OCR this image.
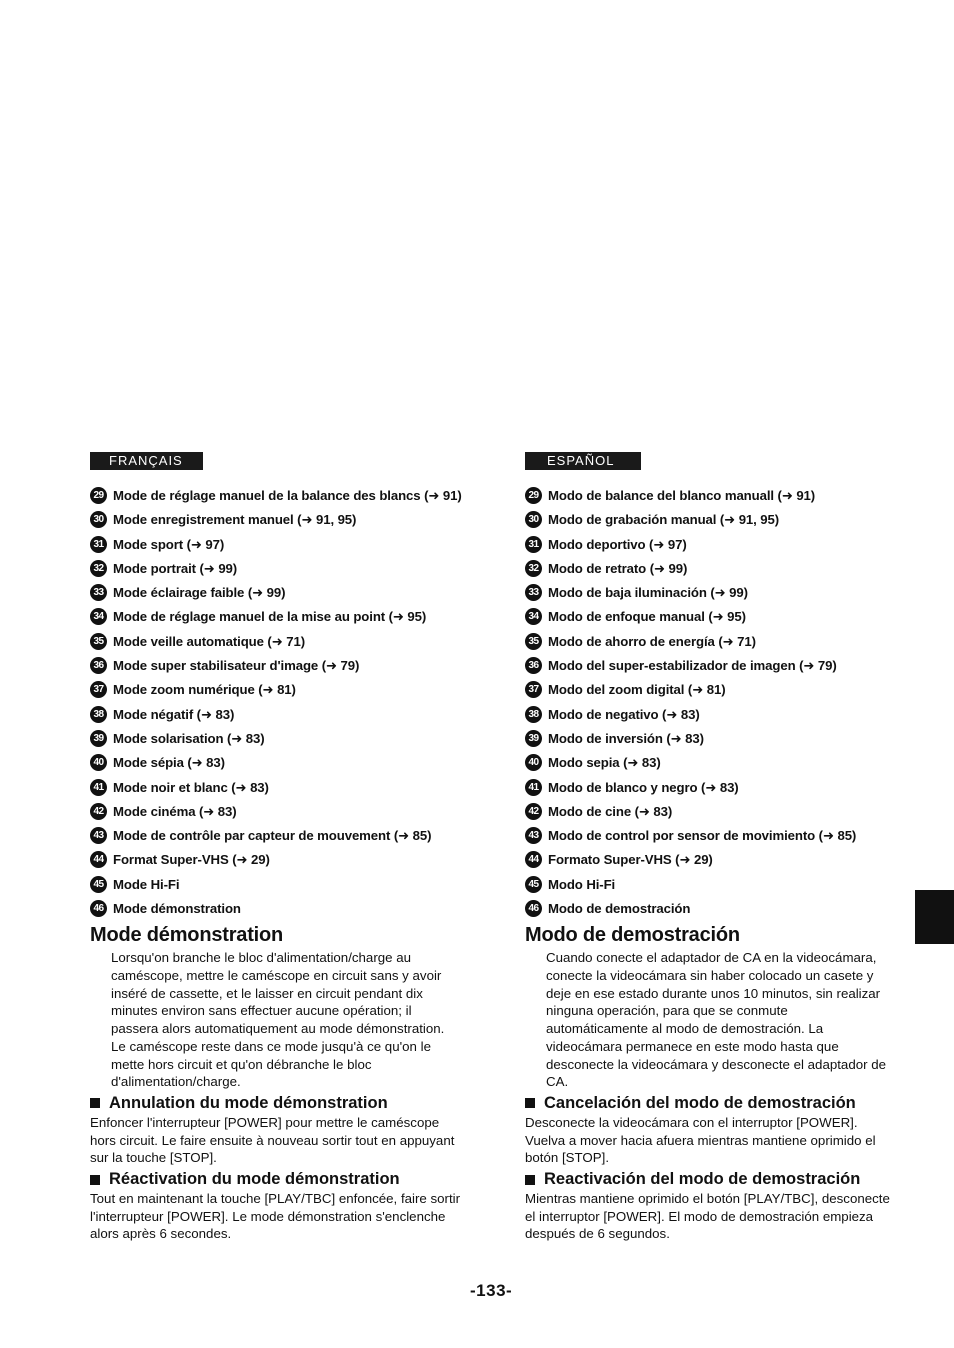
FRANÇAIS
29 Mode de réglage manuel de la balance des blancs (➜ 91)
30 Mode enregistrement manuel (➜ 91, 95)
31 Mode sport (➜ 97)
32 Mode portrait (➜ 99)
33 Mode éclairage faible (➜ 99)
34 Mode de réglage manuel de la mise au point (➜ 95)
35 Mode veille automatique (➜ 71)
36 Mode super stabilisateur d'image (➜ 79)
37 Mode zoom numérique (➜ 81)
38 Mode négatif (➜ 83)
39 Mode solarisation (➜ 83)
40 Mode sépia (➜ 83)
41 Mode noir et blanc (➜ 83)
42 Mode cinéma (➜ 83)
43 Mode de contrôle par capteur de mouvement (➜ 85)
44 Format Super-VHS (➜ 29)
45 Mode Hi-Fi
46 Mode démonstration
Mode démonstration

Lorsqu'on branche le bloc d'alimentation/charge au caméscope, mettre le caméscope en circuit sans y avoir inséré de cassette, et le laisser en circuit pendant dix minutes environ sans effectuer aucune opération; il passera alors automatiquement au mode démonstration. Le caméscope reste dans ce mode jusqu'à ce qu'on le mette hors circuit et qu'on débranche le bloc d'alimentation/charge.

Annulation du mode démonstration

Enfoncer l'interrupteur [POWER] pour mettre le caméscope hors circuit. Le faire ensuite à nouveau sortir tout en appuyant sur la touche [STOP].

Réactivation du mode démonstration

Tout en maintenant la touche [PLAY/TBC] enfoncée, faire sortir l'interrupteur [POWER]. Le mode démonstration s'enclenche alors après 6 secondes.

ESPAÑOL
29 Modo de balance del blanco manuall (➜ 91)
30 Modo de grabación manual (➜ 91, 95)
31 Modo deportivo (➜ 97)
32 Modo de retrato (➜ 99)
33 Modo de baja iluminación (➜ 99)
34 Modo de enfoque manual (➜ 95)
35 Modo de ahorro de energía (➜ 71)
36 Modo del super-estabilizador de imagen (➜ 79)
37 Modo del zoom digital (➜ 81)
38 Modo de negativo (➜ 83)
39 Modo de inversión (➜ 83)
40 Modo sepia (➜ 83)
41 Modo de blanco y negro (➜ 83)
42 Modo de cine (➜ 83)
43 Modo de control por sensor de movimiento (➜ 85)
44 Formato Super-VHS (➜ 29)
45 Modo Hi-Fi
46 Modo de demostración
Modo de demostración

Cuando conecte el adaptador de CA en la videocámara, conecte la videocámara sin haber colocado un casete y deje en ese estado durante unos 10 minutos, sin realizar ninguna operación, para que se conmute automáticamente al modo de demostración. La videocámara permanece en este modo hasta que desconecte la videocámara y desconecte el adaptador de CA.

Cancelación del modo de demostración

Desconecte la videocámara con el interruptor [POWER]. Vuelva a mover hacia afuera mientras mantiene oprimido el botón [STOP].

Reactivación del modo de demostración

Mientras mantiene oprimido el botón [PLAY/TBC], desconecte el interruptor [POWER]. El modo de demostración empieza después de 6 segundos.

-133-
